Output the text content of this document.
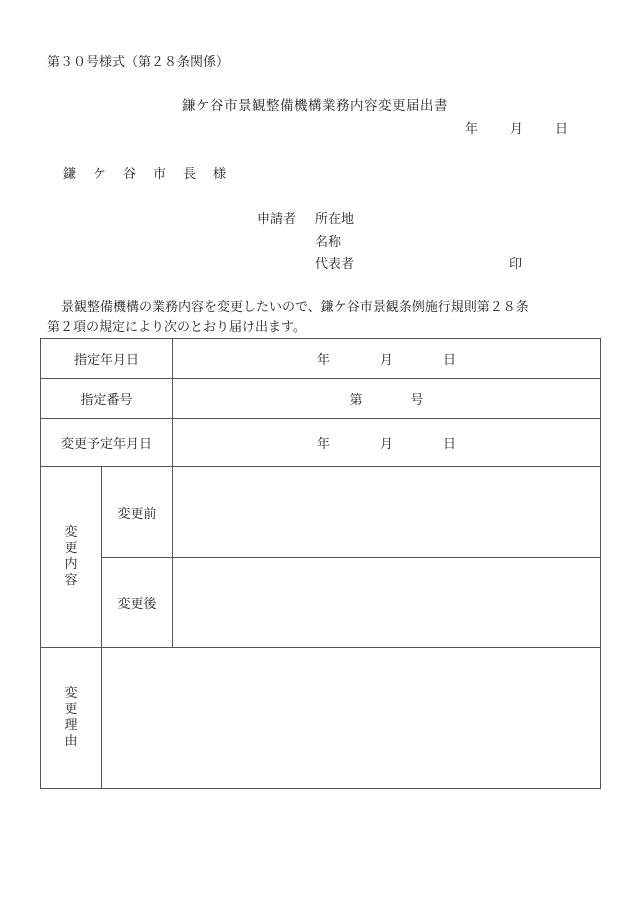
第３０号様式（第２８条関係）
鎌ケ谷市景観整備機構業務内容変更届出書
年 月 日
鎌ケ谷市長様
申請者 所在地
名称
代表者	印
景観整備機構の業務内容を変更したいので、鎌ケ谷市景観条例施行規則第２８条
第２項の規定により次のとおり届け出ます。
指定年月日		年 月 日
指定番号		第 号
変更予定年月日		年 月 日
変更内容	変更前	
	変更後	
変更理由		
